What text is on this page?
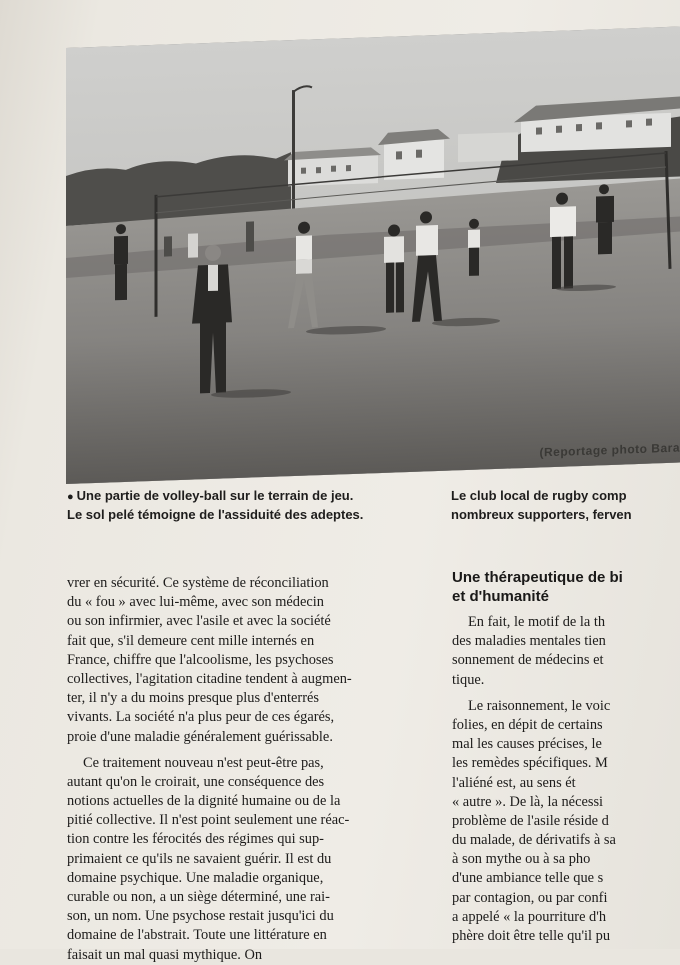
(Reportage photo Bara
● Une partie de volley-ball sur le terrain de jeu.
Le sol pelé témoigne de l'assiduité des adeptes.
Le club local de rugby comp
nombreux supporters, ferven
vrer en sécurité. Ce système de réconciliation
du « fou » avec lui-même, avec son médecin
ou son infirmier, avec l'asile et avec la société
fait que, s'il demeure cent mille internés en
France, chiffre que l'alcoolisme, les psychoses
collectives, l'agitation citadine tendent à augmen-
ter, il n'y a du moins presque plus d'enterrés
vivants. La société n'a plus peur de ces égarés,
proie d'une maladie généralement guérissable.
Ce traitement nouveau n'est peut-être pas,
autant qu'on le croirait, une conséquence des
notions actuelles de la dignité humaine ou de la
pitié collective. Il n'est point seulement une réac-
tion contre les férocités des régimes qui sup-
primaient ce qu'ils ne savaient guérir. Il est du
domaine psychique. Une maladie organique,
curable ou non, a un siège déterminé, une rai-
son, un nom. Une psychose restait jusqu'ici du
domaine de l'abstrait. Toute une littérature en
faisait un mal quasi mythique. On
Une thérapeutique de bi
et d'humanité
En fait, le motif de la th
des maladies mentales tien
sonnement de médecins et
tique.
Le raisonnement, le voic
folies, en dépit de certains
mal les causes précises, le
les remèdes spécifiques. M
l'aliéné est, au sens ét
« autre ». De là, la nécessi
problème de l'asile réside d
du malade, de dérivatifs à sa
à son mythe ou à sa pho
d'une ambiance telle que s
par contagion, ou par confi
a appelé « la pourriture d'h
phère doit être telle qu'il pu
